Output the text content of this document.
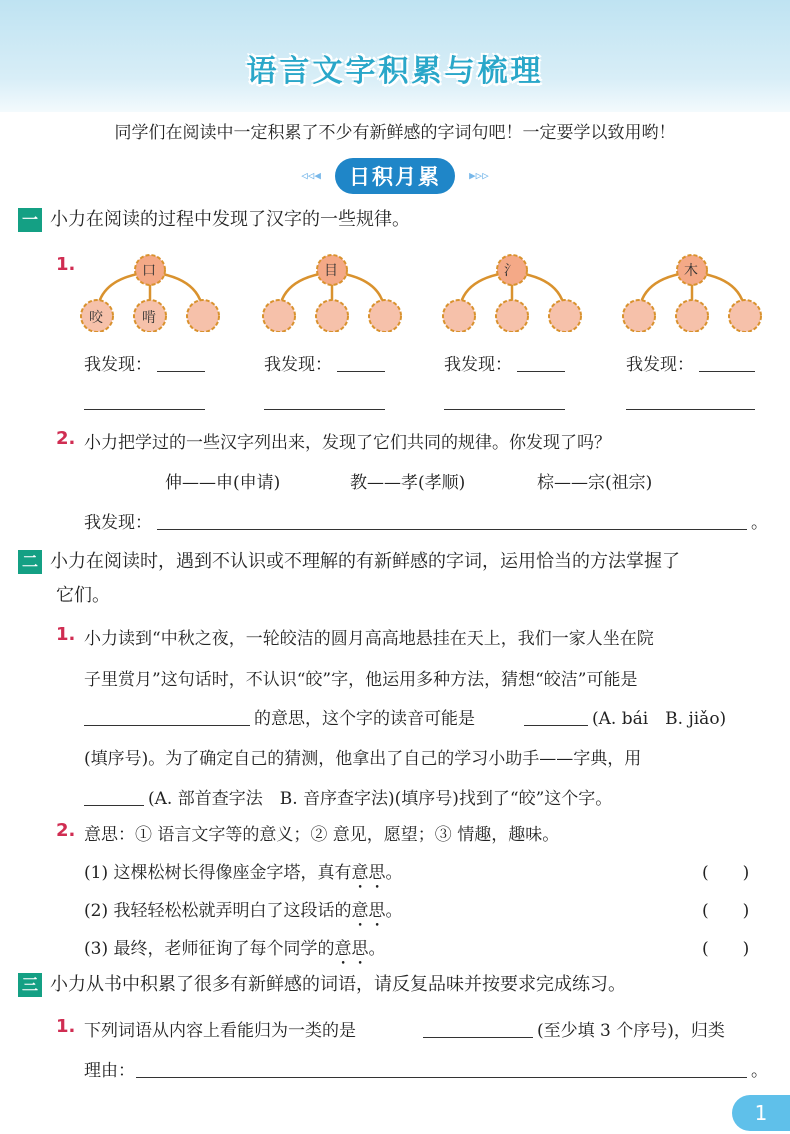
语言文字积累与梳理
同学们在阅读中一定积累了不少有新鲜感的字词句吧！一定要学以致用哟！
◃◃◂ 日积月累 ▸▹▹
一 小力在阅读的过程中发现了汉字的一些规律。
1.	口
咬	啃
目	氵	木
我发现：	我发现：	我发现：	我发现：
2. 小力把学过的一些汉字列出来，发现了它们共同的规律。你发现了吗？
伸——申(申请)	教——孝(孝顺)	棕——宗(祖宗)
我发现：	。
二 小力在阅读时，遇到不认识或不理解的有新鲜感的字词，运用恰当的方法掌握了
它们。
1. 小力读到“中秋之夜，一轮皎洁的圆月高高地悬挂在天上，我们一家人坐在院
子里赏月”这句话时，不认识“皎”字，他运用多种方法，猜想“皎洁”可能是
的意思，这个字的读音可能是	(A. bái　B. jiǎo)
(填序号)。为了确定自己的猜测，他拿出了自己的学习小助手——字典，用
(A. 部首查字法　B. 音序查字法)(填序号)找到了“皎”这个字。
2. 意思：① 语言文字等的意义；② 意见，愿望；③ 情趣，趣味。
(1) 这棵松树长得像座金字塔，真有意思。	(　　)
(2) 我轻轻松松就弄明白了这段话的意思。	(　　)
(3) 最终，老师征询了每个同学的意思。	(　　)
三 小力从书中积累了很多有新鲜感的词语，请反复品味并按要求完成练习。
1. 下列词语从内容上看能归为一类的是	(至少填 3 个序号)，归类
理由：	。
1
